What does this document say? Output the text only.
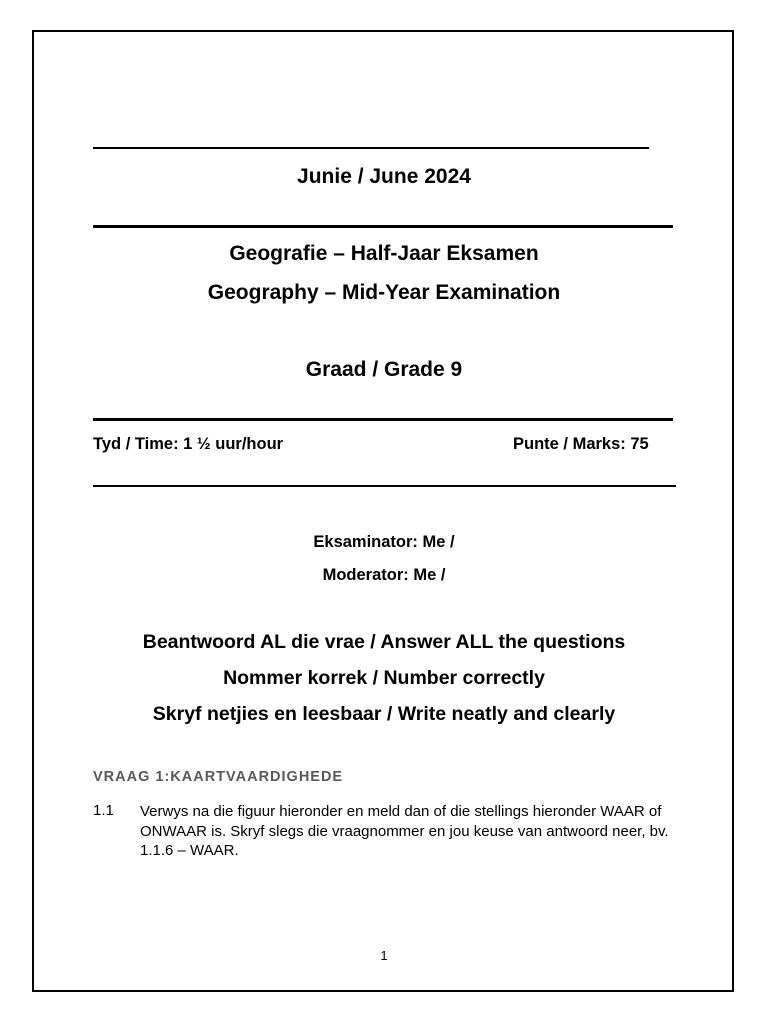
Junie / June 2024
Geografie – Half-Jaar Eksamen
Geography – Mid-Year Examination
Graad / Grade 9
Tyd / Time: 1 ½ uur/hour	Punte / Marks: 75
Eksaminator: Me /
Moderator: Me /
Beantwoord AL die vrae / Answer ALL the questions
Nommer korrek / Number correctly
Skryf netjies en leesbaar / Write neatly and clearly
VRAAG 1:KAARTVAARDIGHEDE
1.1 Verwys na die figuur hieronder en meld dan of die stellings hieronder WAAR of ONWAAR is. Skryf slegs die vraagnommer en jou keuse van antwoord neer, bv. 1.1.6 – WAAR.
1
